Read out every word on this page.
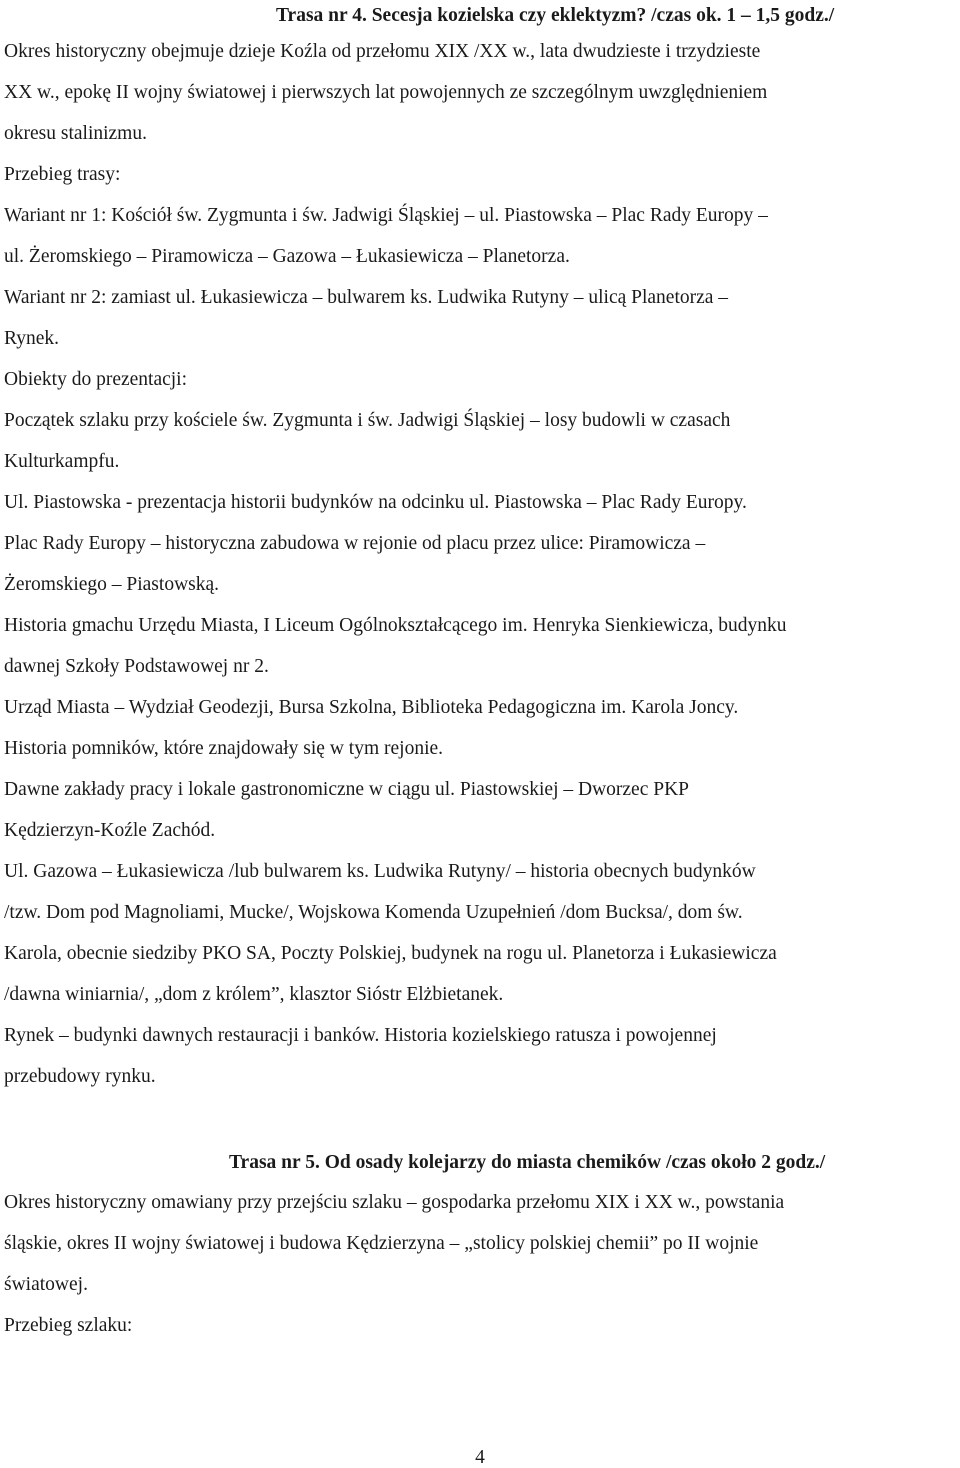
Trasa nr 4. Secesja kozielska czy eklektyzm? /czas ok. 1 – 1,5 godz./
Okres historyczny obejmuje dzieje Koźla od przełomu XIX /XX w., lata dwudzieste i trzydzieste
XX w., epokę II wojny światowej i pierwszych lat powojennych ze szczególnym uwzględnieniem
okresu stalinizmu.
Przebieg trasy:
Wariant nr 1: Kościół św. Zygmunta i św. Jadwigi Śląskiej – ul. Piastowska – Plac Rady Europy –
ul. Żeromskiego – Piramowicza – Gazowa – Łukasiewicza – Planetorza.
Wariant nr 2: zamiast ul. Łukasiewicza – bulwarem ks. Ludwika Rutyny – ulicą Planetorza –
Rynek.
Obiekty do prezentacji:
Początek szlaku przy kościele św. Zygmunta i św. Jadwigi Śląskiej – losy budowli w czasach
Kulturkampfu.
Ul. Piastowska - prezentacja historii budynków na odcinku ul. Piastowska – Plac Rady Europy.
Plac Rady Europy – historyczna zabudowa w rejonie od placu przez ulice: Piramowicza –
Żeromskiego – Piastowską.
Historia gmachu Urzędu Miasta, I Liceum Ogólnokształcącego im. Henryka Sienkiewicza, budynku
dawnej Szkoły Podstawowej nr 2.
Urząd Miasta – Wydział Geodezji, Bursa Szkolna, Biblioteka Pedagogiczna im. Karola Joncy.
Historia pomników, które znajdowały się w tym rejonie.
Dawne zakłady pracy i lokale gastronomiczne w ciągu ul. Piastowskiej – Dworzec PKP
Kędzierzyn-Koźle Zachód.
Ul. Gazowa – Łukasiewicza /lub bulwarem ks. Ludwika Rutyny/ – historia obecnych budynków
/tzw. Dom pod Magnoliami, Mucke/, Wojskowa Komenda Uzupełnień /dom Bucksa/, dom św.
Karola, obecnie siedziby PKO SA, Poczty Polskiej, budynek na rogu ul. Planetorza i Łukasiewicza
/dawna winiarnia/, „dom z królem”, klasztor Sióstr Elżbietanek.
Rynek – budynki dawnych restauracji i banków. Historia kozielskiego ratusza i powojennej
przebudowy rynku.
Trasa nr 5. Od osady kolejarzy do miasta chemików /czas około 2 godz./
Okres historyczny omawiany przy przejściu szlaku – gospodarka przełomu XIX i XX w., powstania
śląskie, okres II wojny światowej i budowa Kędzierzyna – „stolicy polskiej chemii” po II wojnie
światowej.
Przebieg szlaku:
4
